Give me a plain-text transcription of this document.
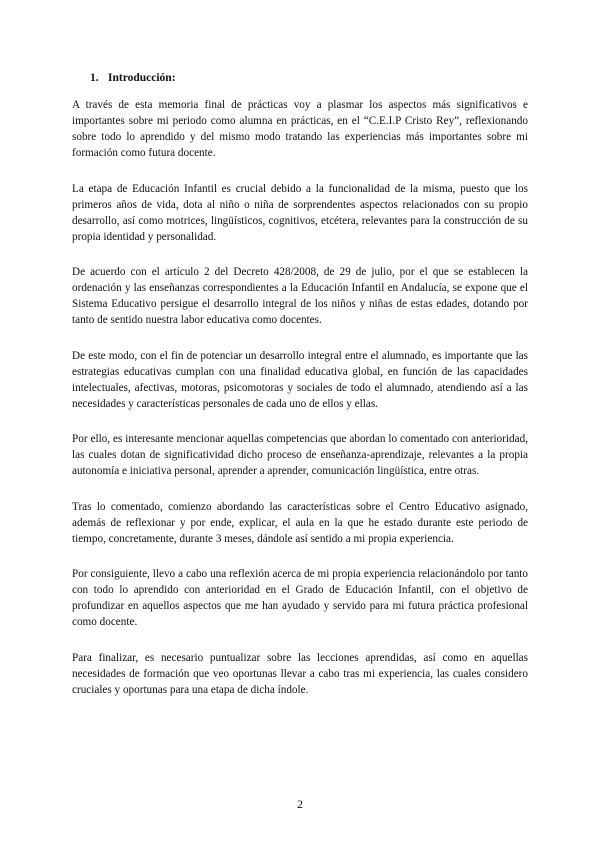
1. Introducción:

A través de esta memoria final de prácticas voy a plasmar los aspectos más significativos e importantes sobre mi periodo como alumna en prácticas, en el “C.E.I.P Cristo Rey”, reflexionando sobre todo lo aprendido y del mismo modo tratando las experiencias más importantes sobre mi formación como futura docente.

La etapa de Educación Infantil es crucial debido a la funcionalidad de la misma, puesto que los primeros años de vida, dota al niño o niña de sorprendentes aspectos relacionados con su propio desarrollo, así como motrices, lingüísticos, cognitivos, etcétera, relevantes para la construcción de su propia identidad y personalidad.

De acuerdo con el artículo 2 del Decreto 428/2008, de 29 de julio, por el que se establecen la ordenación y las enseñanzas correspondientes a la Educación Infantil en Andalucía, se expone que el Sistema Educativo persigue el desarrollo integral de los niños y niñas de estas edades, dotando por tanto de sentido nuestra labor educativa como docentes.

De este modo, con el fin de potenciar un desarrollo integral entre el alumnado, es importante que las estrategias educativas cumplan con una finalidad educativa global, en función de las capacidades intelectuales, afectivas, motoras, psicomotoras y sociales de todo el alumnado, atendiendo así a las necesidades y características personales de cada uno de ellos y ellas.

Por ello, es interesante mencionar aquellas competencias que abordan lo comentado con anterioridad, las cuales dotan de significatividad dicho proceso de enseñanza-aprendizaje, relevantes a la propia autonomía e iniciativa personal, aprender a aprender, comunicación lingüística, entre otras.

Tras lo comentado, comienzo abordando las características sobre el Centro Educativo asignado, además de reflexionar y por ende, explicar, el aula en la que he estado durante este periodo de tiempo, concretamente, durante 3 meses, dándole así sentido a mi propia experiencia.

Por consiguiente, llevo a cabo una reflexión acerca de mi propia experiencia relacionándolo por tanto con todo lo aprendido con anterioridad en el Grado de Educación Infantil, con el objetivo de profundizar en aquellos aspectos que me han ayudado y servido para mi futura práctica profesional como docente.

Para finalizar, es necesario puntualizar sobre las lecciones aprendidas, así como en aquellas necesidades de formación que veo oportunas llevar a cabo tras mi experiencia, las cuales considero cruciales y oportunas para una etapa de dicha índole.

2
